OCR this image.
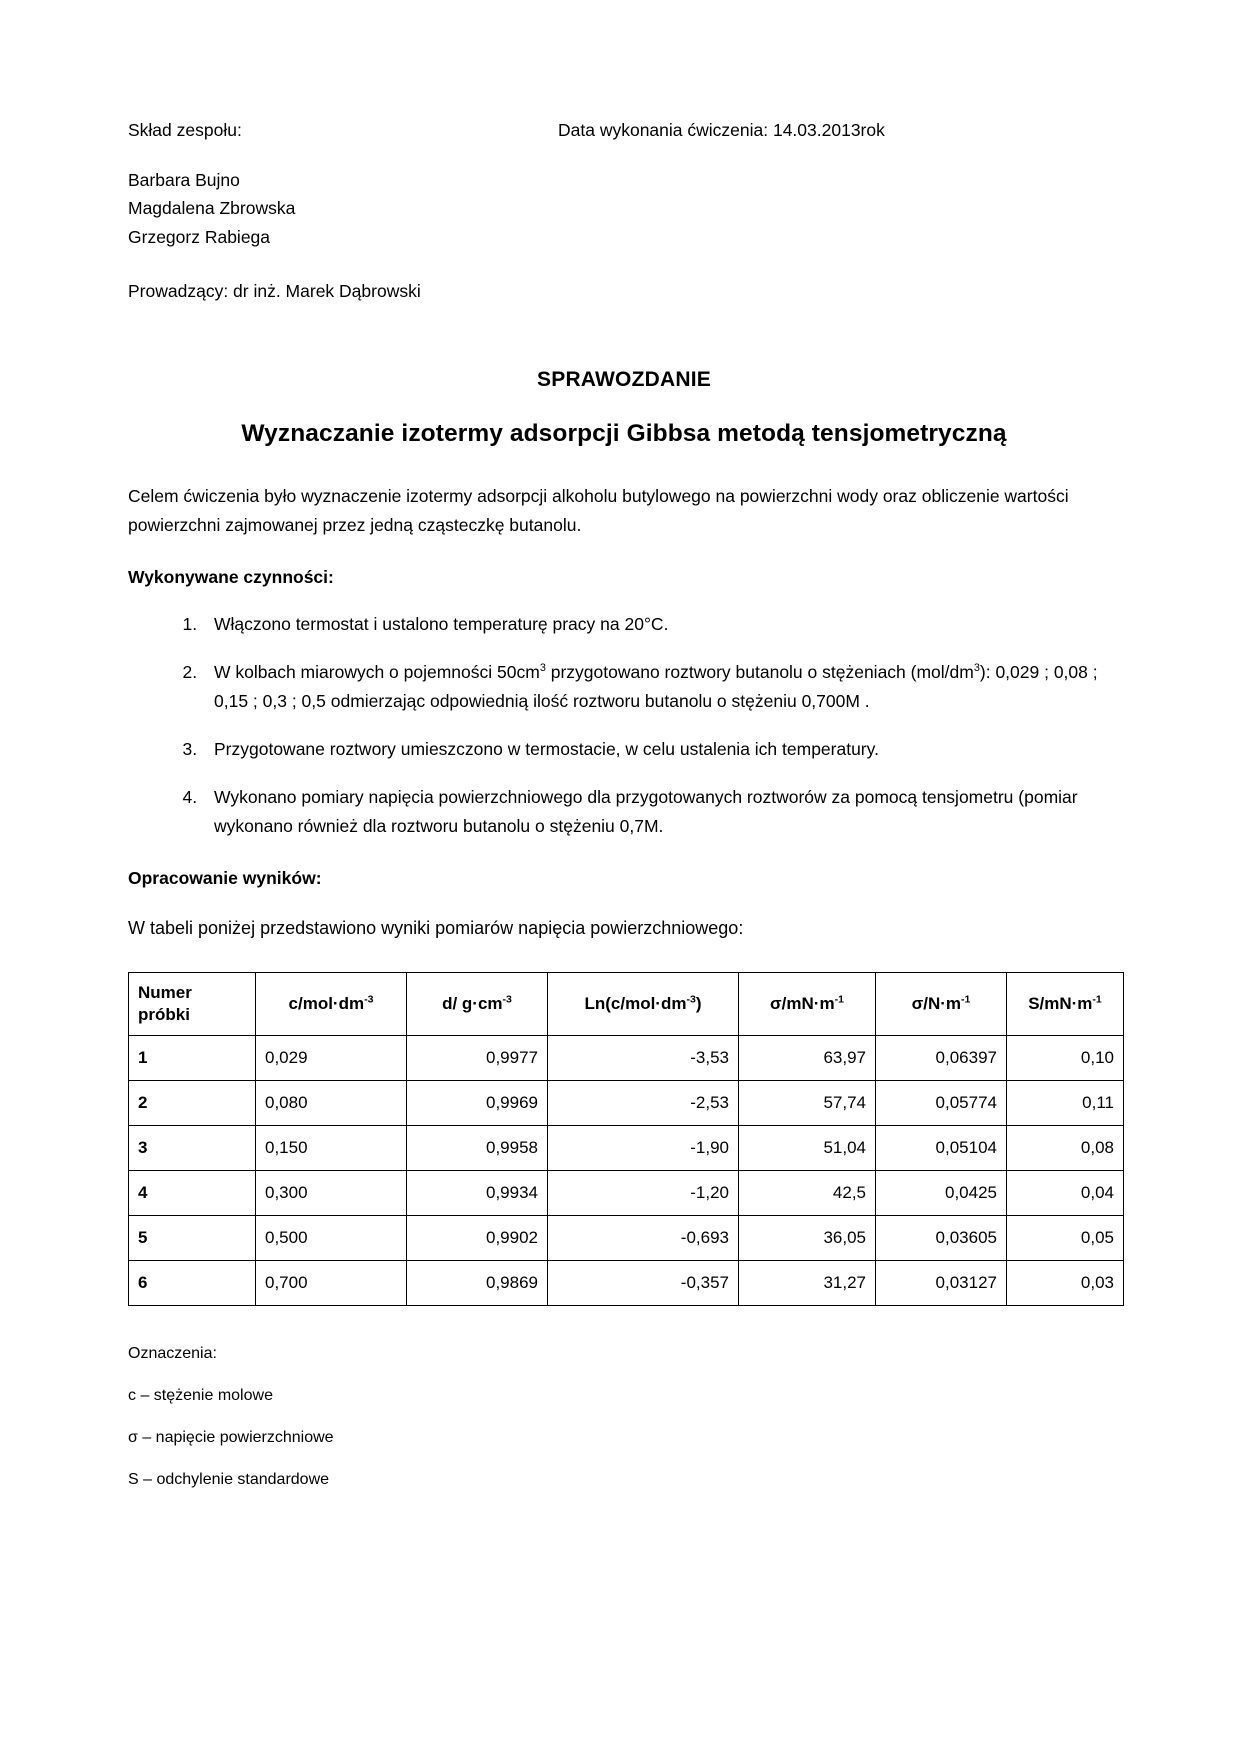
Skład zespołu:	Data wykonania ćwiczenia: 14.03.2013rok
Barbara Bujno
Magdalena Zbrowska
Grzegorz Rabiega
Prowadzący: dr inż. Marek Dąbrowski
SPRAWOZDANIE
Wyznaczanie izotermy adsorpcji Gibbsa metodą tensjometryczną
Celem ćwiczenia było wyznaczenie izotermy adsorpcji alkoholu butylowego na powierzchni wody oraz obliczenie wartości powierzchni zajmowanej przez jedną cząsteczkę butanolu.
Wykonywane czynności:
1. Włączono termostat i ustalono temperaturę pracy na 20°C.
2. W kolbach miarowych o pojemności $50cm^3$ przygotowano roztwory butanolu o stężeniach $(mol/dm^3)$: 0,029 ; 0,08 ; 0,15 ; 0,3 ; 0,5 odmierzając odpowiednią ilość roztworu butanolu o stężeniu 0,700M .
3. Przygotowane roztwory umieszczono w termostacie, w celu ustalenia ich temperatury.
4. Wykonano pomiary napięcia powierzchniowego dla przygotowanych roztworów za pomocą tensjometru (pomiar wykonano również dla roztworu butanolu o stężeniu 0,7M.
Opracowanie wyników:
W tabeli poniżej przedstawiono wyniki pomiarów napięcia powierzchniowego:
Numer
próbki	$c/mol\cdot dm^{-3}$	d/ $g\cdot cm^{-3}$	$Ln(c/mol\cdot dm^{-3})$	$\sigma/mN\cdot m^{-1}$	$\sigma/N\cdot m^{-1}$	$S/mN\cdot m^{-1}$
1	0,029	0,9977	-3,53	63,97	0,06397	0,10
2	0,080	0,9969	-2,53	57,74	0,05774	0,11
3	0,150	0,9958	-1,90	51,04	0,05104	0,08
4	0,300	0,9934	-1,20	42,5	0,0425	0,04
5	0,500	0,9902	-0,693	36,05	0,03605	0,05
6	0,700	0,9869	-0,357	31,27	0,03127	0,03
Oznaczenia:
c – stężenie molowe
σ – napięcie powierzchniowe
S – odchylenie standardowe
